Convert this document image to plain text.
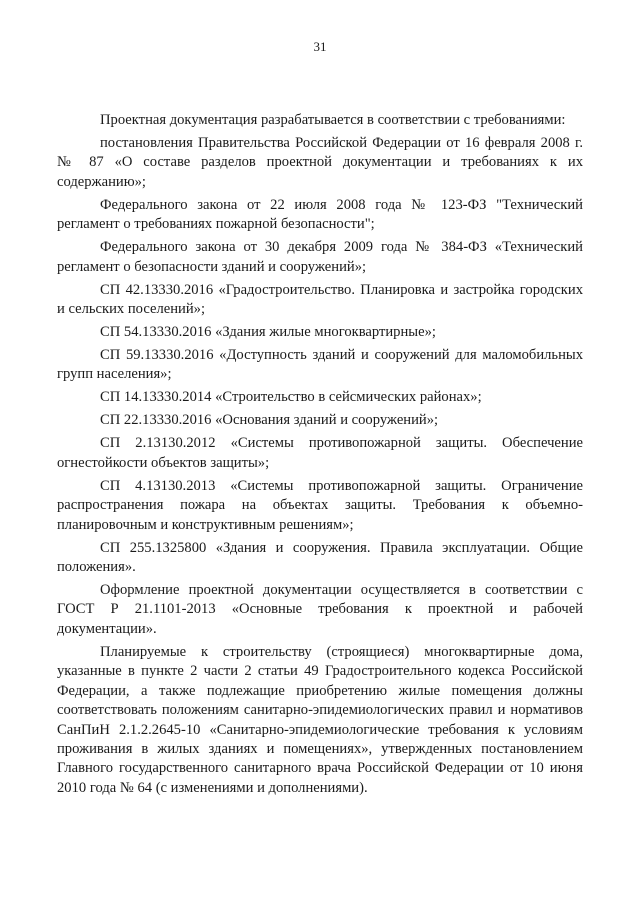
31

Проектная документация разрабатывается в соответствии с требованиями:

постановления Правительства Российской Федерации от 16 февраля 2008 г. № 87 «О составе разделов проектной документации и требованиях к их содержанию»;

Федерального закона от 22 июля 2008 года № 123-ФЗ "Технический регламент о требованиях пожарной безопасности";

Федерального закона от 30 декабря 2009 года № 384-ФЗ «Технический регламент о безопасности зданий и сооружений»;

СП 42.13330.2016 «Градостроительство. Планировка и застройка городских и сельских поселений»;

СП 54.13330.2016 «Здания жилые многоквартирные»;

СП 59.13330.2016 «Доступность зданий и сооружений для маломобильных групп населения»;

СП 14.13330.2014 «Строительство в сейсмических районах»;

СП 22.13330.2016 «Основания зданий и сооружений»;

СП 2.13130.2012 «Системы противопожарной защиты. Обеспечение огнестойкости объектов защиты»;

СП 4.13130.2013 «Системы противопожарной защиты. Ограничение распространения пожара на объектах защиты. Требования к объемно-планировочным и конструктивным решениям»;

СП 255.1325800 «Здания и сооружения. Правила эксплуатации. Общие положения».

Оформление проектной документации осуществляется в соответствии с ГОСТ Р 21.1101-2013 «Основные требования к проектной и рабочей документации».

Планируемые к строительству (строящиеся) многоквартирные дома, указанные в пункте 2 части 2 статьи 49 Градостроительного кодекса Российской Федерации, а также подлежащие приобретению жилые помещения должны соответствовать положениям санитарно-эпидемиологических правил и нормативов СанПиН 2.1.2.2645-10 «Санитарно-эпидемиологические требования к условиям проживания в жилых зданиях и помещениях», утвержденных постановлением Главного государственного санитарного врача Российской Федерации от 10 июня 2010 года № 64 (с изменениями и дополнениями).
